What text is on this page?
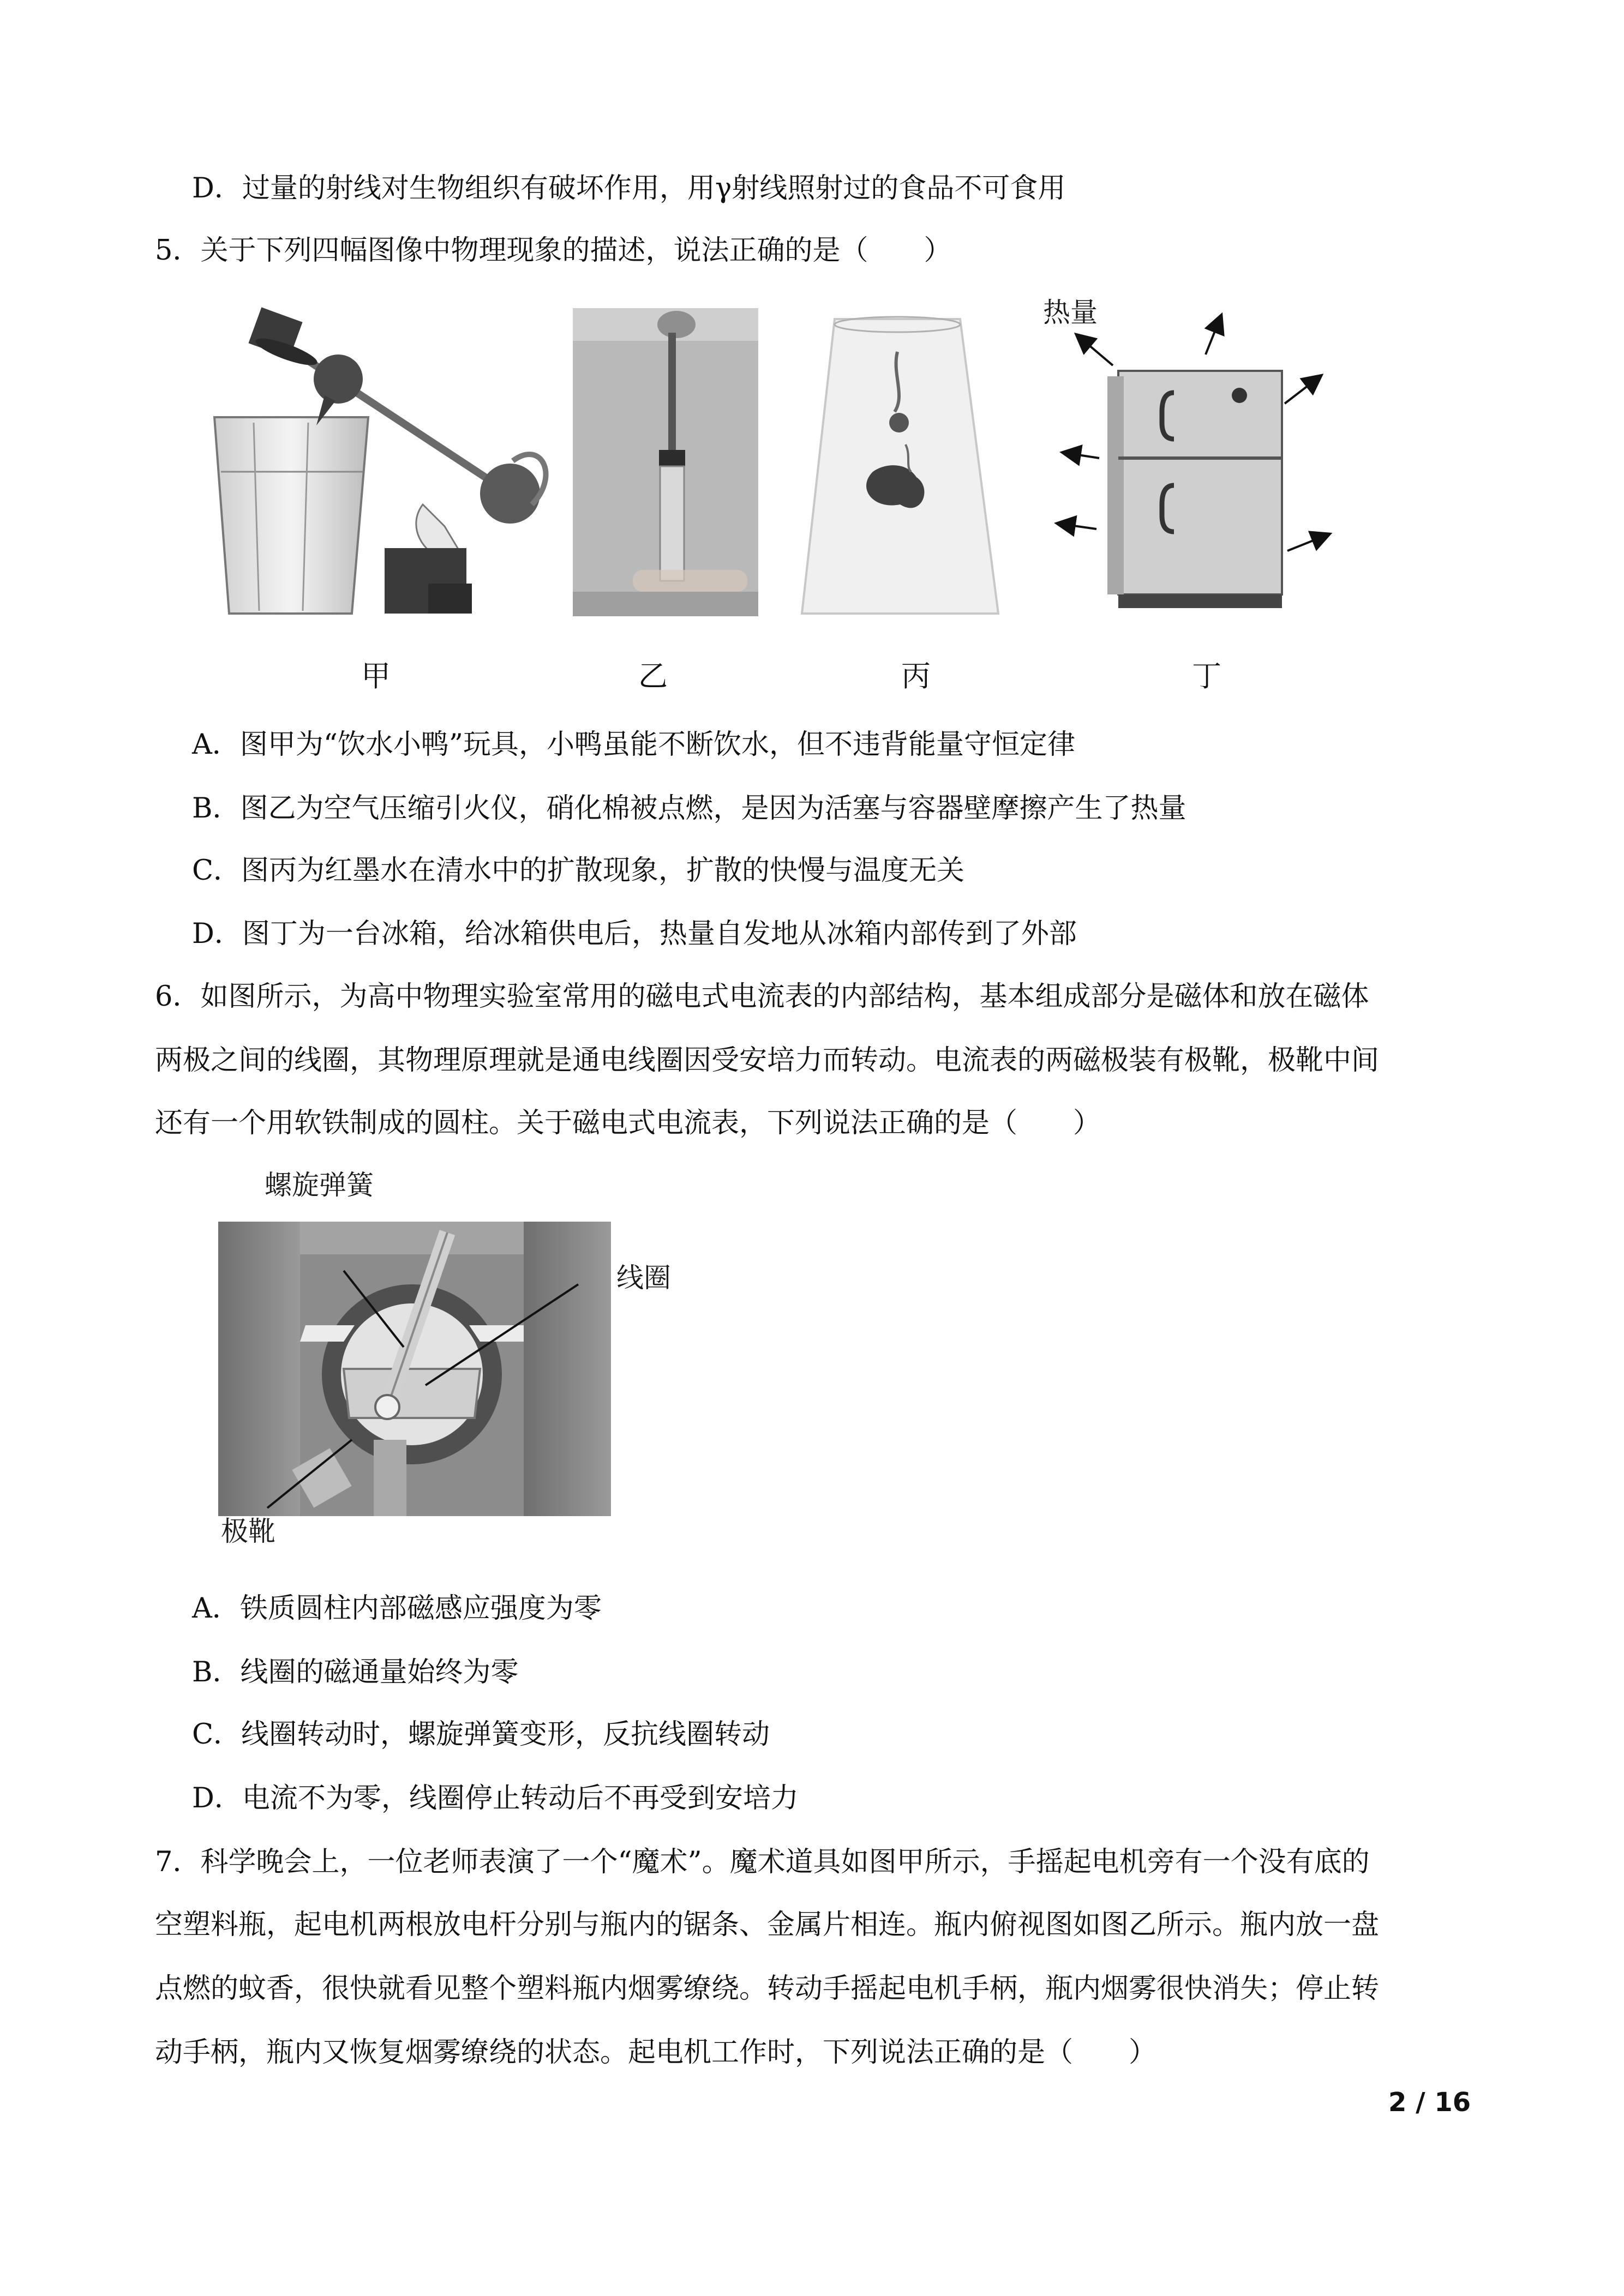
D．过量的射线对生物组织有破坏作用，用γ射线照射过的食品不可食用
5．关于下列四幅图像中物理现象的描述，说法正确的是（　　）
热量
甲	乙	丙	丁
A．图甲为“饮水小鸭”玩具，小鸭虽能不断饮水，但不违背能量守恒定律
B．图乙为空气压缩引火仪，硝化棉被点燃，是因为活塞与容器壁摩擦产生了热量
C．图丙为红墨水在清水中的扩散现象，扩散的快慢与温度无关
D．图丁为一台冰箱，给冰箱供电后，热量自发地从冰箱内部传到了外部
6．如图所示，为高中物理实验室常用的磁电式电流表的内部结构，基本组成部分是磁体和放在磁体
两极之间的线圈，其物理原理就是通电线圈因受安培力而转动。电流表的两磁极装有极靴，极靴中间
还有一个用软铁制成的圆柱。关于磁电式电流表，下列说法正确的是（　　）
螺旋弹簧
线圈
极靴
A．铁质圆柱内部磁感应强度为零
B．线圈的磁通量始终为零
C．线圈转动时，螺旋弹簧变形，反抗线圈转动
D．电流不为零，线圈停止转动后不再受到安培力
7．科学晚会上，一位老师表演了一个“魔术”。魔术道具如图甲所示，手摇起电机旁有一个没有底的
空塑料瓶，起电机两根放电杆分别与瓶内的锯条、金属片相连。瓶内俯视图如图乙所示。瓶内放一盘
点燃的蚊香，很快就看见整个塑料瓶内烟雾缭绕。转动手摇起电机手柄，瓶内烟雾很快消失；停止转
动手柄，瓶内又恢复烟雾缭绕的状态。起电机工作时，下列说法正确的是（　　）
2 / 16
